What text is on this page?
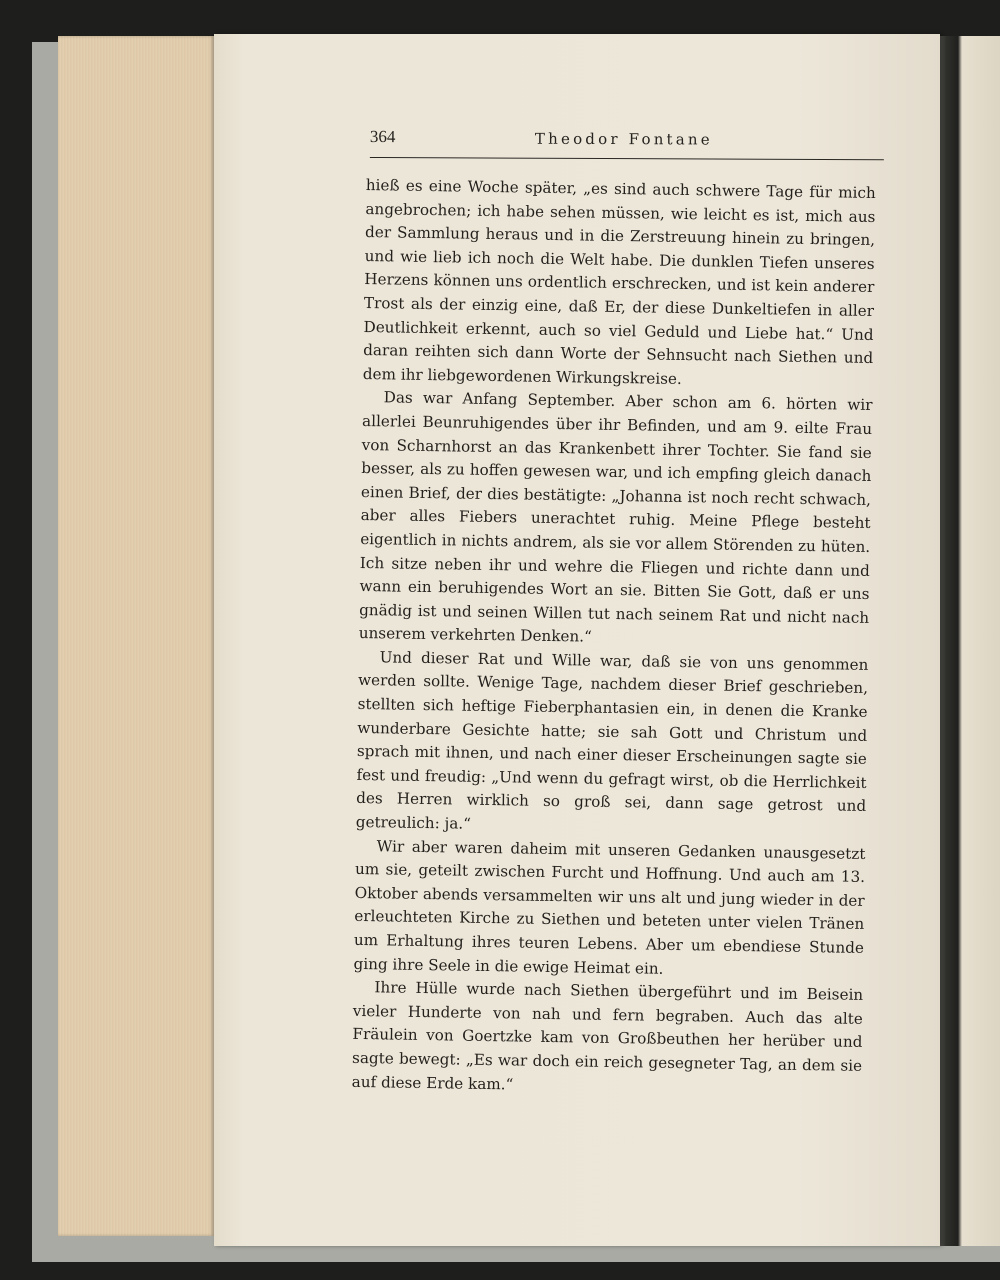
364	Theodor Fontane

hieß es eine Woche später, „es sind auch schwere Tage für mich angebrochen; ich habe sehen müssen, wie leicht es ist, mich aus der Sammlung heraus und in die Zerstreuung hinein zu bringen, und wie lieb ich noch die Welt habe. Die dunklen Tiefen unseres Herzens können uns ordentlich erschrecken, und ist kein anderer Trost als der einzig eine, daß Er, der diese Dunkeltiefen in aller Deutlichkeit erkennt, auch so viel Geduld und Liebe hat.“ Und daran reihten sich dann Worte der Sehnsucht nach Siethen und dem ihr liebgewordenen Wirkungskreise.

Das war Anfang September. Aber schon am 6. hörten wir allerlei Beunruhigendes über ihr Befinden, und am 9. eilte Frau von Scharnhorst an das Krankenbett ihrer Tochter. Sie fand sie besser, als zu hoffen gewesen war, und ich empfing gleich danach einen Brief, der dies bestätigte: „Johanna ist noch recht schwach, aber alles Fiebers unerachtet ruhig. Meine Pflege besteht eigentlich in nichts andrem, als sie vor allem Störenden zu hüten. Ich sitze neben ihr und wehre die Fliegen und richte dann und wann ein beruhigendes Wort an sie. Bitten Sie Gott, daß er uns gnädig ist und seinen Willen tut nach seinem Rat und nicht nach unserem verkehrten Denken.“

Und dieser Rat und Wille war, daß sie von uns genommen werden sollte. Wenige Tage, nachdem dieser Brief geschrieben, stellten sich heftige Fieberphantasien ein, in denen die Kranke wunderbare Gesichte hatte; sie sah Gott und Christum und sprach mit ihnen, und nach einer dieser Erscheinungen sagte sie fest und freudig: „Und wenn du gefragt wirst, ob die Herrlichkeit des Herren wirklich so groß sei, dann sage getrost und getreulich: ja.“

Wir aber waren daheim mit unseren Gedanken unausgesetzt um sie, geteilt zwischen Furcht und Hoffnung. Und auch am 13. Oktober abends versammelten wir uns alt und jung wieder in der erleuchteten Kirche zu Siethen und beteten unter vielen Tränen um Erhaltung ihres teuren Lebens. Aber um ebendiese Stunde ging ihre Seele in die ewige Heimat ein.

Ihre Hülle wurde nach Siethen übergeführt und im Beisein vieler Hunderte von nah und fern begraben. Auch das alte Fräulein von Goertzke kam von Großbeuthen her herüber und sagte bewegt: „Es war doch ein reich gesegneter Tag, an dem sie auf diese Erde kam.“
